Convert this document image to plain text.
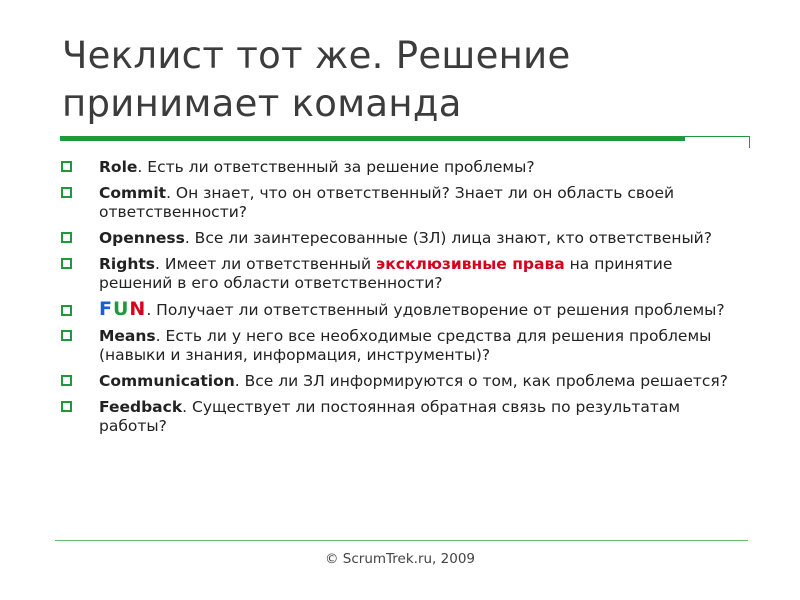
Чеклист тот же. Решение
принимает команда
Role. Есть ли ответственный за решение проблемы?
Commit. Он знает, что он ответственный? Знает ли он область своей ответственности?
Openness. Все ли заинтересованные (ЗЛ) лица знают, кто ответственый?
Rights. Имеет ли ответственный эксклюзивные права на принятие решений в его области ответственности?
FUN. Получает ли ответственный удовлетворение от решения проблемы?
Means. Есть ли у него все необходимые средства для решения проблемы (навыки и знания, информация, инструменты)?
Communication. Все ли ЗЛ информируются о том, как проблема решается?
Feedback. Существует ли постоянная обратная связь по результатам работы?
© ScrumTrek.ru, 2009
